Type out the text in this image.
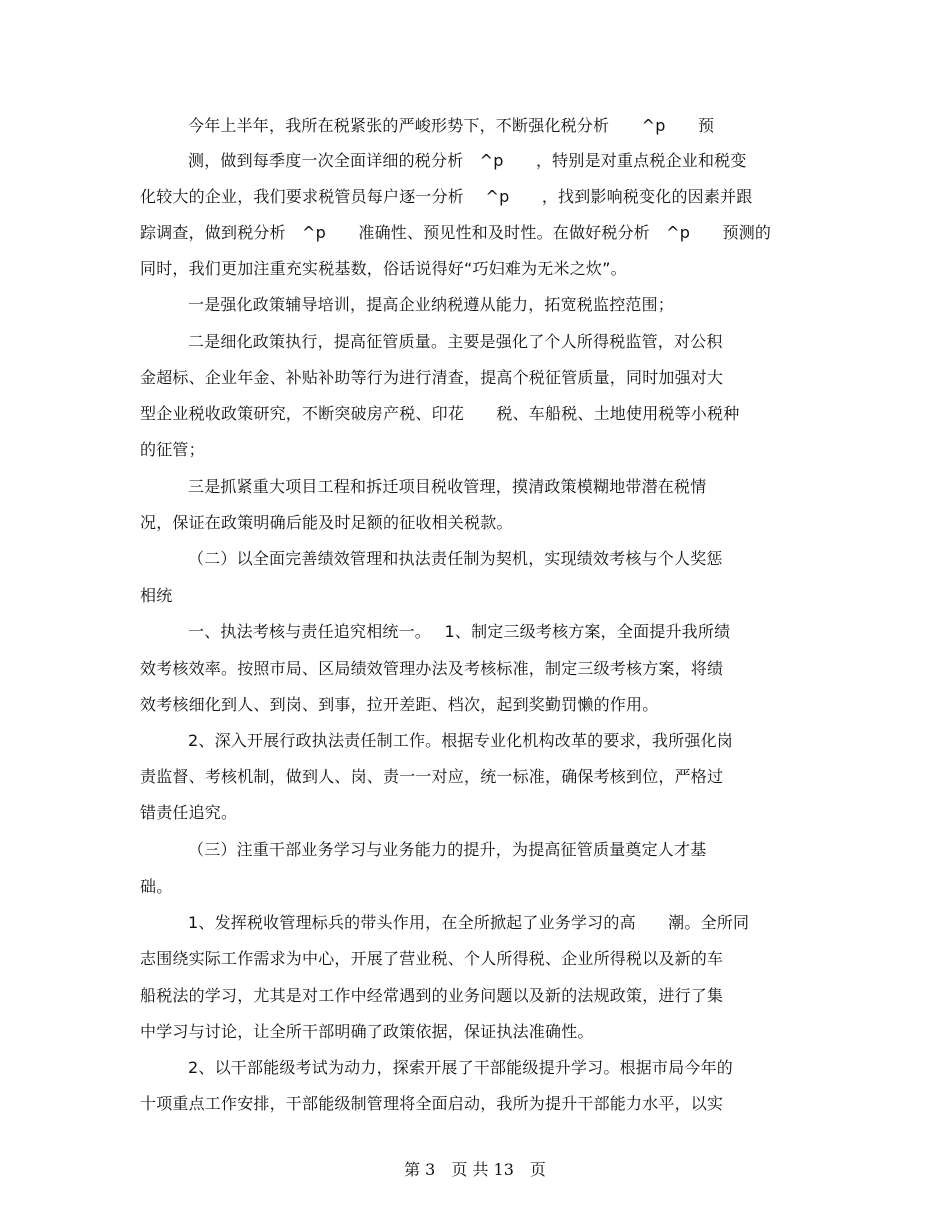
今年上半年，我所在税紧张的严峻形势下，不断强化税分析　　^p　　预
测，做到每季度一次全面详细的税分析　^p　　，特别是对重点税企业和税变
化较大的企业，我们要求税管员每户逐一分析　 ^p　　，找到影响税变化的因素并跟
踪调查，做到税分析　^p　　准确性、预见性和及时性。在做好税分析　^p　　预测的
同时，我们更加注重充实税基数，俗话说得好“巧妇难为无米之炊”。
一是强化政策辅导培训，提高企业纳税遵从能力，拓宽税监控范围；
二是细化政策执行，提高征管质量。主要是强化了个人所得税监管，对公积
金超标、企业年金、补贴补助等行为进行清查，提高个税征管质量，同时加强对大
型企业税收政策研究，不断突破房产税、印花　　税、车船税、土地使用税等小税种
的征管；
三是抓紧重大项目工程和拆迁项目税收管理，摸清政策模糊地带潜在税情
况，保证在政策明确后能及时足额的征收相关税款。
（二）以全面完善绩效管理和执法责任制为契机，实现绩效考核与个人奖惩
相统
一、执法考核与责任追究相统一。　 1、制定三级考核方案，全面提升我所绩
效考核效率。按照市局、区局绩效管理办法及考核标准，制定三级考核方案，将绩
效考核细化到人、到岗、到事，拉开差距、档次，起到奖勤罚懒的作用。
2、深入开展行政执法责任制工作。根据专业化机构改革的要求，我所强化岗
责监督、考核机制，做到人、岗、责一一对应，统一标准，确保考核到位，严格过
错责任追究。
（三）注重干部业务学习与业务能力的提升，为提高征管质量奠定人才基
础。
1、发挥税收管理标兵的带头作用，在全所掀起了业务学习的高　　潮。全所同
志围绕实际工作需求为中心，开展了营业税、个人所得税、企业所得税以及新的车
船税法的学习，尤其是对工作中经常遇到的业务问题以及新的法规政策，进行了集
中学习与讨论，让全所干部明确了政策依据，保证执法准确性。
2、以干部能级考试为动力，探索开展了干部能级提升学习。根据市局今年的
十项重点工作安排，干部能级制管理将全面启动，我所为提升干部能力水平，以实
第 3　页 共 13　页
